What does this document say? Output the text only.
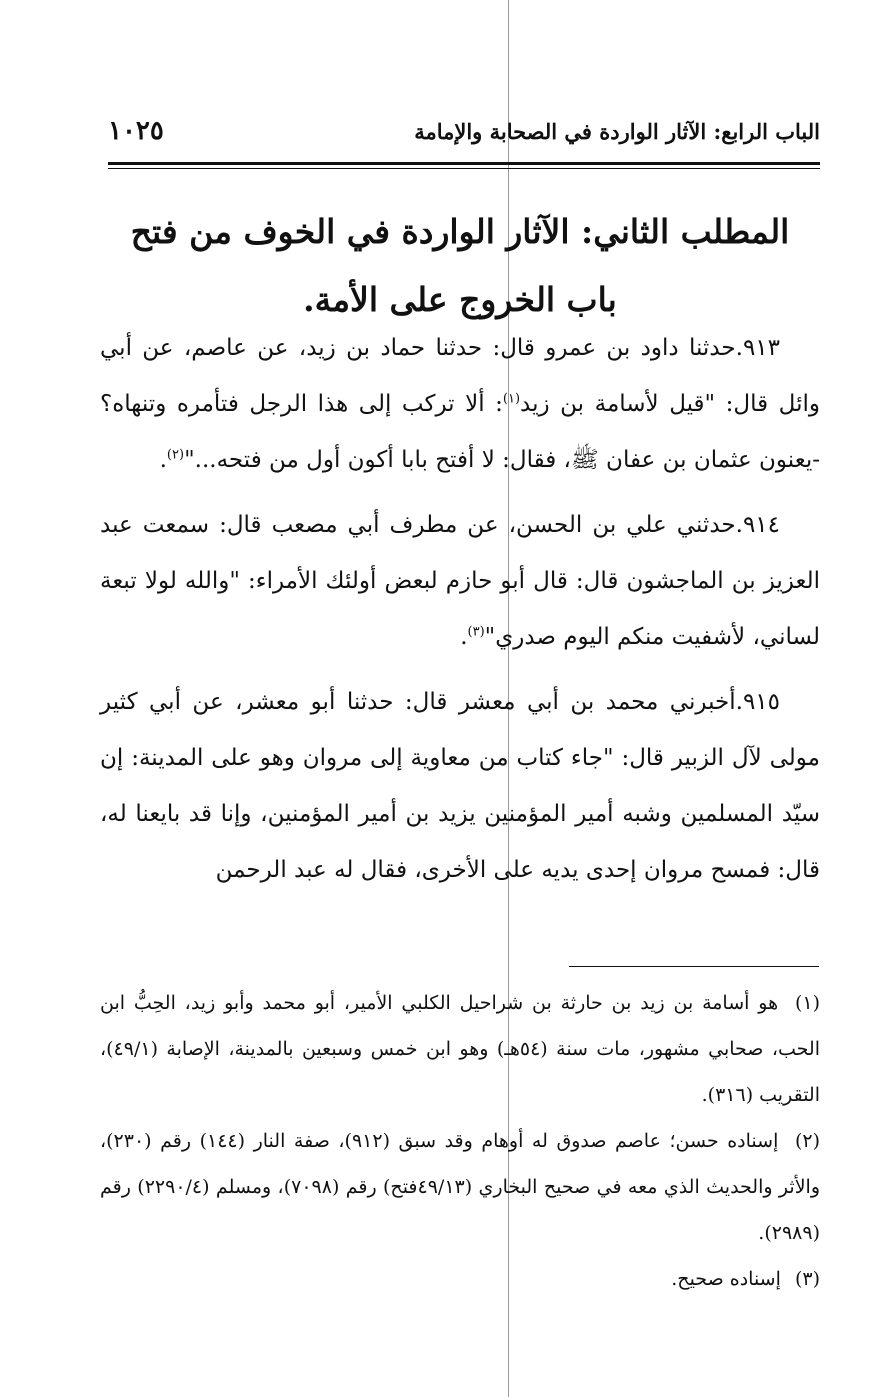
١٠٢٥	الباب الرابع: الآثار الواردة في الصحابة والإمامة
المطلب الثاني: الآثار الواردة في الخوف من فتح باب الخروج على الأمة.

٩١٣.حدثنا داود بن عمرو قال: حدثنا حماد بن زيد، عن عاصم، عن أبي وائل قال: "قيل لأسامة بن زيد$^{(١)}$: ألا تركب إلى هذا الرجل فتأمره وتنهاه؟ -يعنون عثمان بن عفان ﷺ، فقال: لا أفتح بابا أكون أول من فتحه..."$^{(٢)}$.

٩١٤.حدثني علي بن الحسن، عن مطرف أبي مصعب قال: سمعت عبد العزيز بن الماجشون قال: قال أبو حازم لبعض أولئك الأمراء: "والله لولا تبعة لساني، لأشفيت منكم اليوم صدري"$^{(٣)}$.

٩١٥.أخبرني محمد بن أبي معشر قال: حدثنا أبو معشر، عن أبي كثير مولى لآل الزبير قال: "جاء كتاب من معاوية إلى مروان وهو على المدينة: إن سيّد المسلمين وشبه أمير المؤمنين يزيد بن أمير المؤمنين، وإنا قد بايعنا له، قال: فمسح مروان إحدى يديه على الأخرى، فقال له عبد الرحمن

(١) هو أسامة بن زيد بن حارثة بن شراحيل الكلبي الأمير، أبو محمد وأبو زيد، الحِبُّ ابن الحب، صحابي مشهور، مات سنة (٥٤هـ) وهو ابن خمس وسبعين بالمدينة، الإصابة (٤٩/١)، التقريب (٣١٦).

(٢) إسناده حسن؛ عاصم صدوق له أوهام وقد سبق (٩١٢)، صفة النار (١٤٤) رقم (٢٣٠)، والأثر والحديث الذي معه في صحيح البخاري (٤٩/١٣فتح) رقم (٧٠٩٨)، ومسلم (٢٢٩٠/٤) رقم (٢٩٨٩).

(٣) إسناده صحيح.
